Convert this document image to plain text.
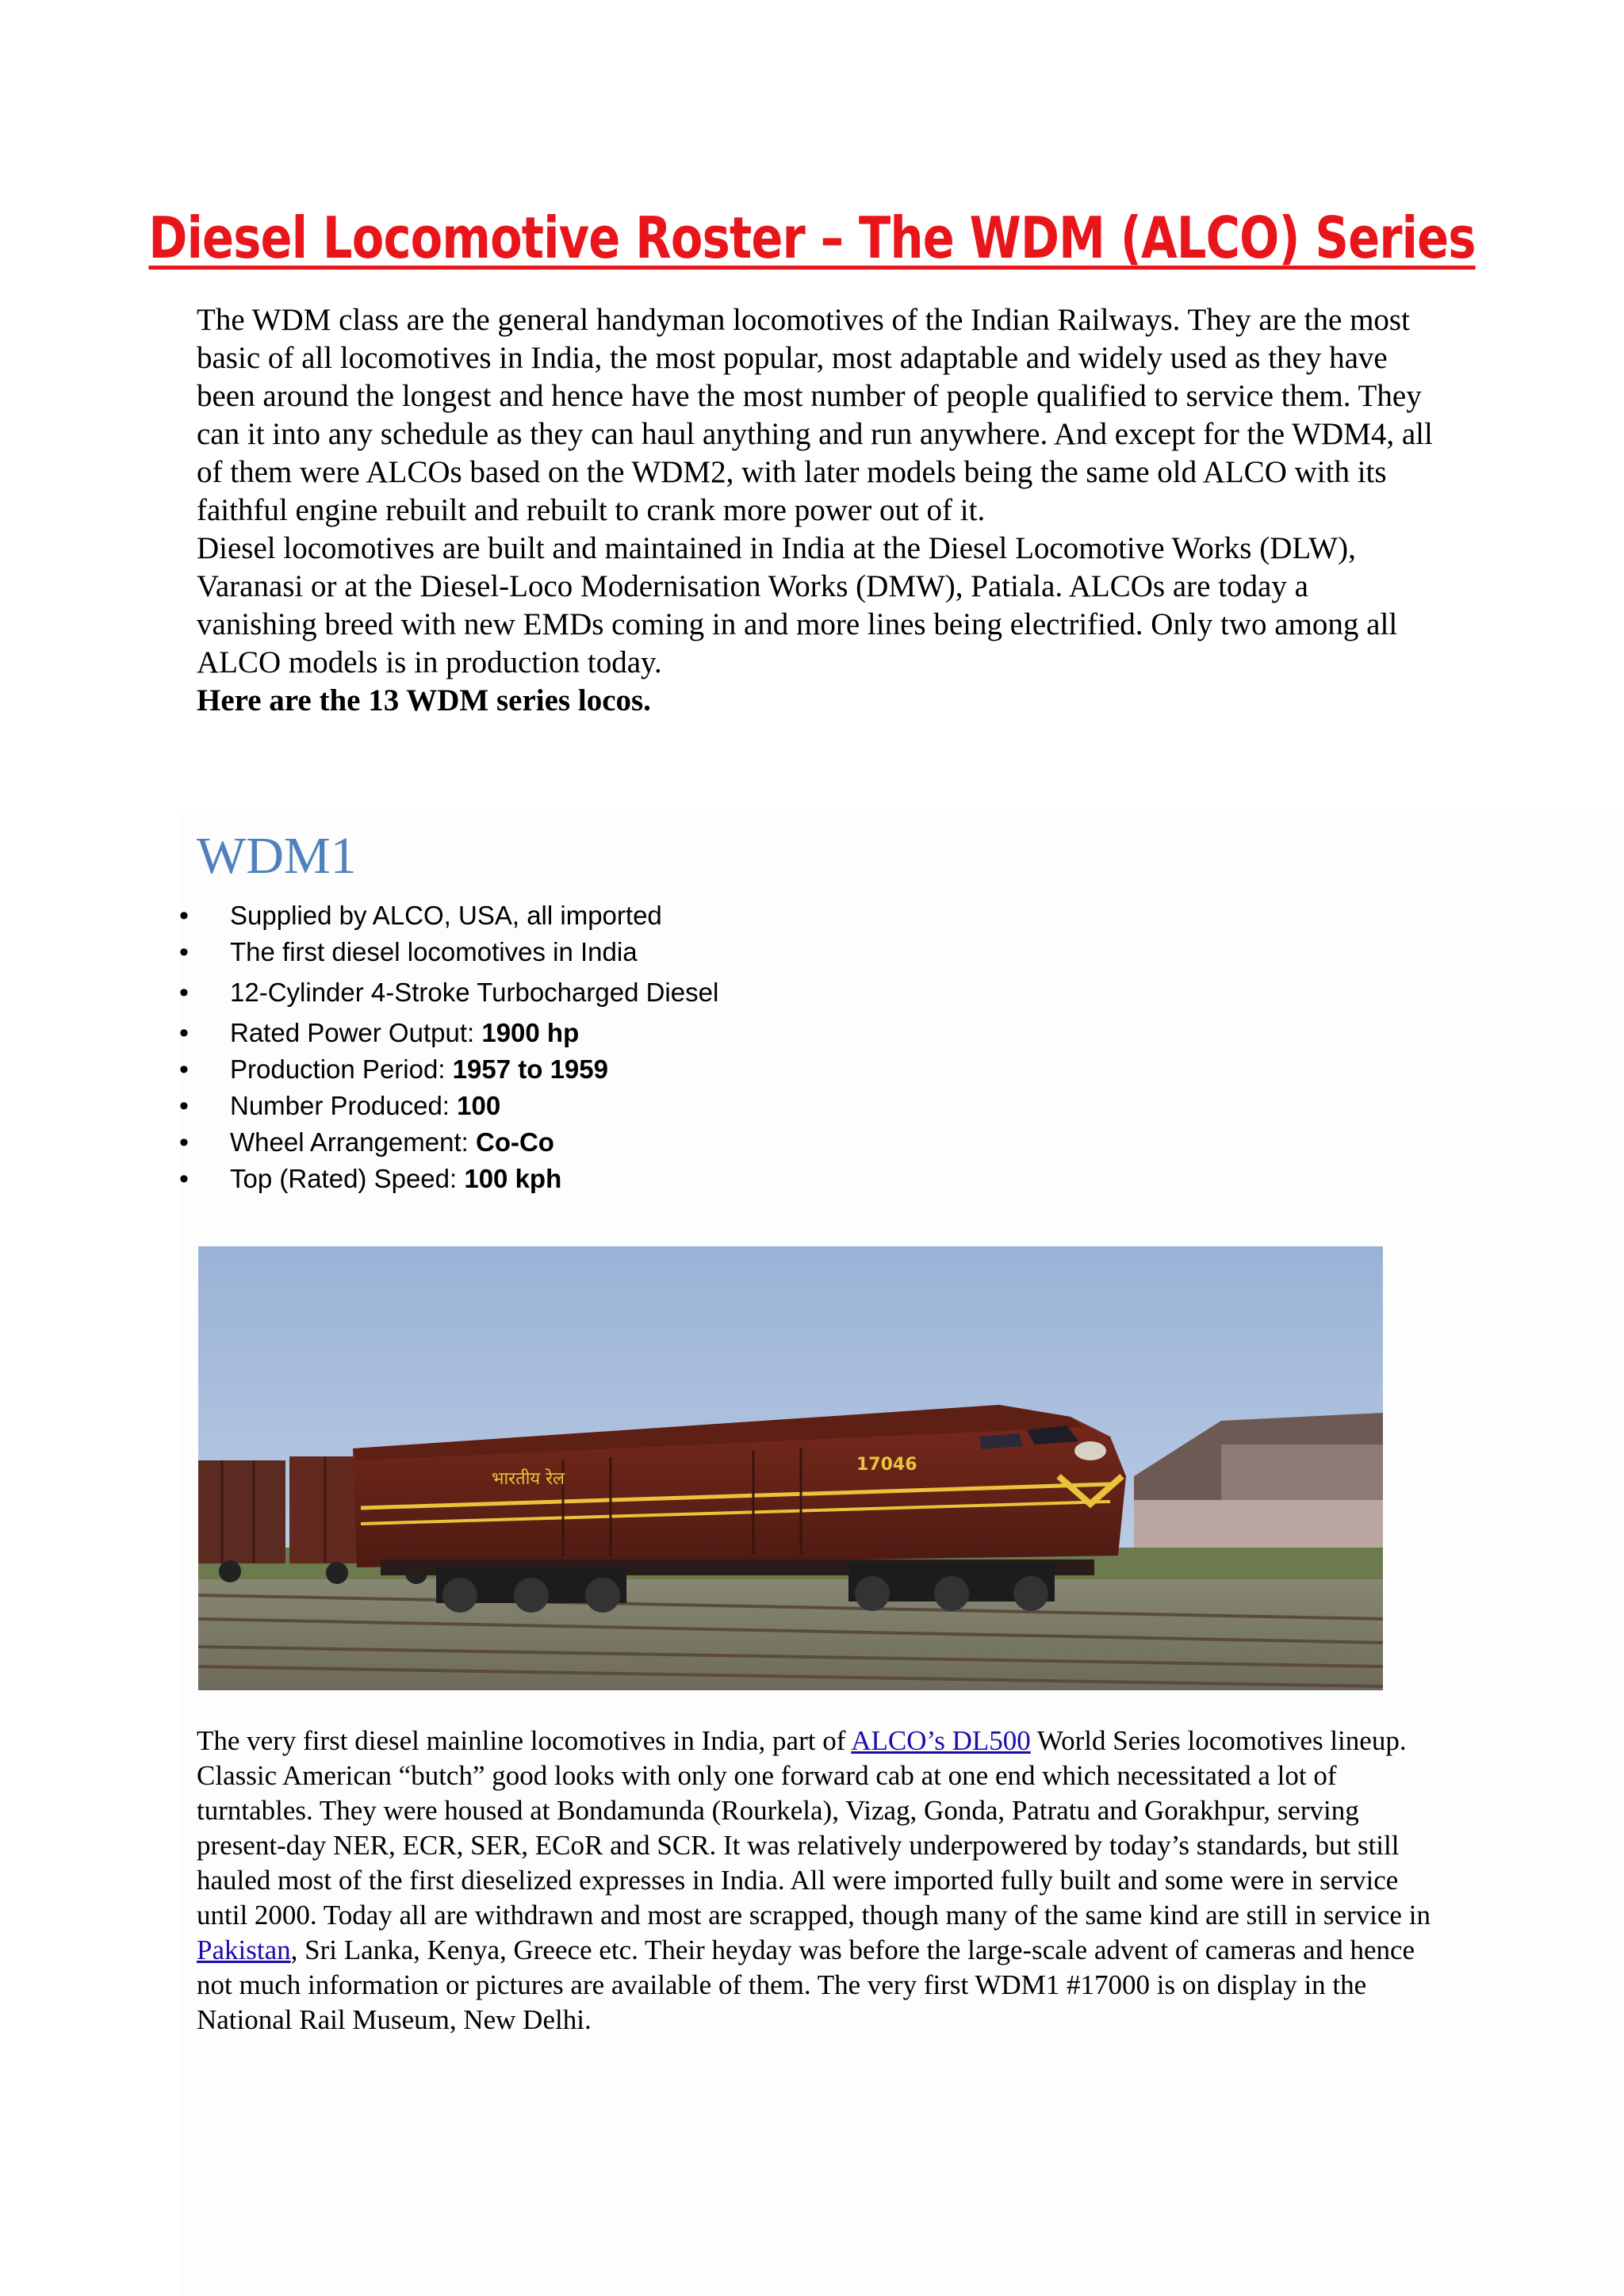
Diesel Locomotive Roster – The WDM (ALCO) Series

The WDM class are the general handyman locomotives of the Indian Railways. They are the most basic of all locomotives in India, the most popular, most adaptable and widely used as they have been around the longest and hence have the most number of people qualified to service them. They can it into any schedule as they can haul anything and run anywhere. And except for the WDM4, all of them were ALCOs based on the WDM2, with later models being the same old ALCO with its faithful engine rebuilt and rebuilt to crank more power out of it.

Diesel locomotives are built and maintained in India at the Diesel Locomotive Works (DLW), Varanasi or at the Diesel-Loco Modernisation Works (DMW), Patiala. ALCOs are today a vanishing breed with new EMDs coming in and more lines being electrified. Only two among all ALCO models is in production today.

Here are the 13 WDM series locos.

WDM1
• Supplied by ALCO, USA, all imported
• The first diesel locomotives in India
• 12-Cylinder 4-Stroke Turbocharged Diesel
• Rated Power Output: 1900 hp
• Production Period: 1957 to 1959
• Number Produced: 100
• Wheel Arrangement: Co-Co
• Top (Rated) Speed: 100 kph
भारतीय रेल
17046
The very first diesel mainline locomotives in India, part of ALCO’s DL500 World Series locomotives lineup. Classic American “butch” good looks with only one forward cab at one end which necessitated a lot of turntables. They were housed at Bondamunda (Rourkela), Vizag, Gonda, Patratu and Gorakhpur, serving present-day NER, ECR, SER, ECoR and SCR. It was relatively underpowered by today’s standards, but still hauled most of the first dieselized expresses in India. All were imported fully built and some were in service until 2000. Today all are withdrawn and most are scrapped, though many of the same kind are still in service in Pakistan, Sri Lanka, Kenya, Greece etc. Their heyday was before the large-scale advent of cameras and hence not much information or pictures are available of them. The very first WDM1 #17000 is on display in the National Rail Museum, New Delhi.
